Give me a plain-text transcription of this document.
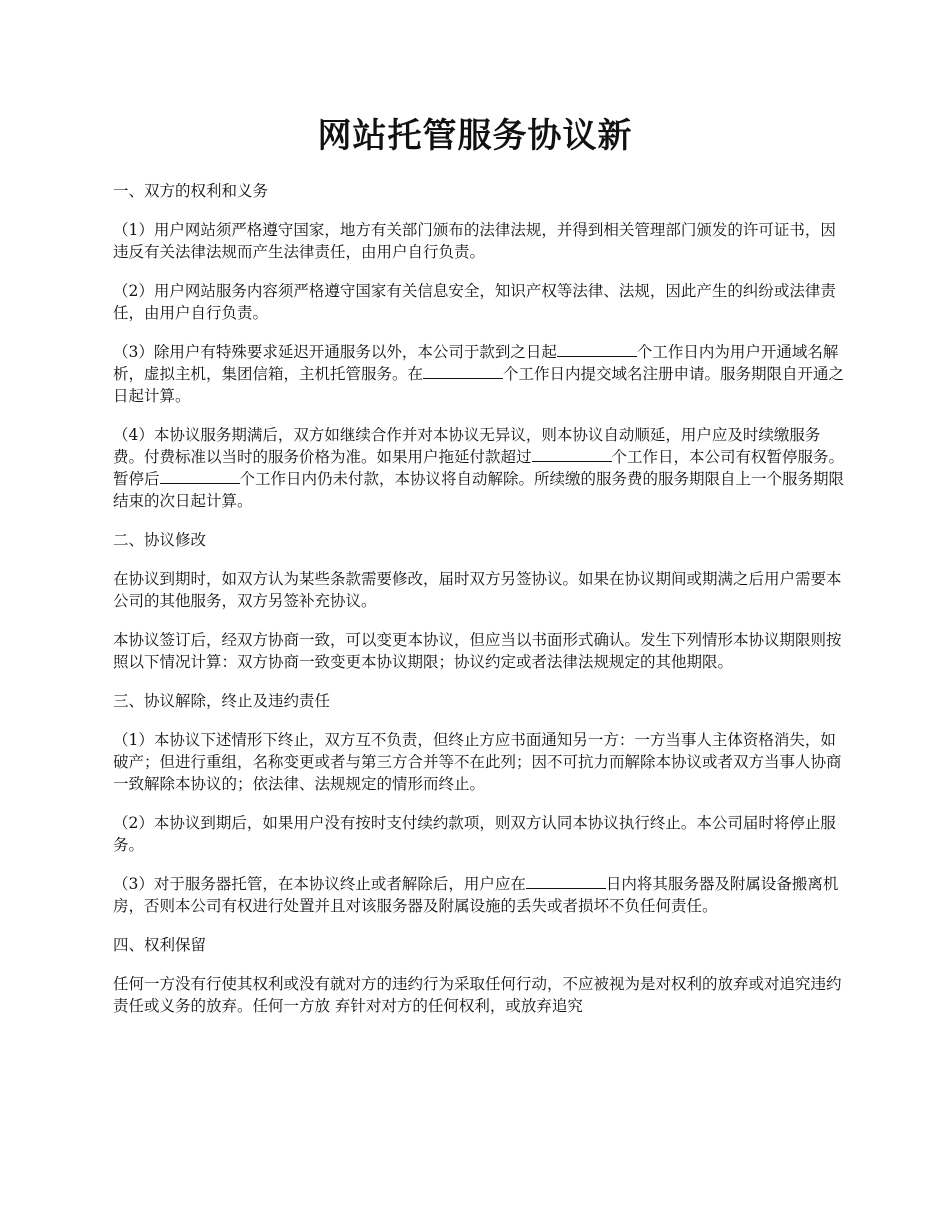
网站托管服务协议新
一、双方的权利和义务
（1）用户网站须严格遵守国家，地方有关部门颁布的法律法规，并得到相关管理部门颁发的许可证书，因违反有关法律法规而产生法律责任，由用户自行负责。
（2）用户网站服务内容须严格遵守国家有关信息安全，知识产权等法律、法规，因此产生的纠纷或法律责任，由用户自行负责。
（3）除用户有特殊要求延迟开通服务以外，本公司于款到之日起	个工作日内为用户开通域名解析，虚拟主机，集团信箱，主机托管服务。在	个工作日内提交域名注册申请。服务期限自开通之日起计算。
（4）本协议服务期满后，双方如继续合作并对本协议无异议，则本协议自动顺延，用户应及时续缴服务费。付费标准以当时的服务价格为准。如果用户拖延付款超过	个工作日，本公司有权暂停服务。暂停后	个工作日内仍未付款，本协议将自动解除。所续缴的服务费的服务期限自上一个服务期限结束的次日起计算。
二、协议修改
在协议到期时，如双方认为某些条款需要修改，届时双方另签协议。如果在协议期间或期满之后用户需要本公司的其他服务，双方另签补充协议。
本协议签订后，经双方协商一致，可以变更本协议，但应当以书面形式确认。发生下列情形本协议期限则按照以下情况计算：双方协商一致变更本协议期限；协议约定或者法律法规规定的其他期限。
三、协议解除，终止及违约责任
（1）本协议下述情形下终止，双方互不负责，但终止方应书面通知另一方：一方当事人主体资格消失，如破产；但进行重组，名称变更或者与第三方合并等不在此列；因不可抗力而解除本协议或者双方当事人协商一致解除本协议的；依法律、法规规定的情形而终止。
（2）本协议到期后，如果用户没有按时支付续约款项，则双方认同本协议执行终止。本公司届时将停止服务。
（3）对于服务器托管，在本协议终止或者解除后，用户应在	日内将其服务器及附属设备搬离机房，否则本公司有权进行处置并且对该服务器及附属设施的丢失或者损坏不负任何责任。
四、权利保留
任何一方没有行使其权利或没有就对方的违约行为采取任何行动，不应被视为是对权利的放弃或对追究违约责任或义务的放弃。任何一方放 弃针对对方的任何权利，或放弃追究
